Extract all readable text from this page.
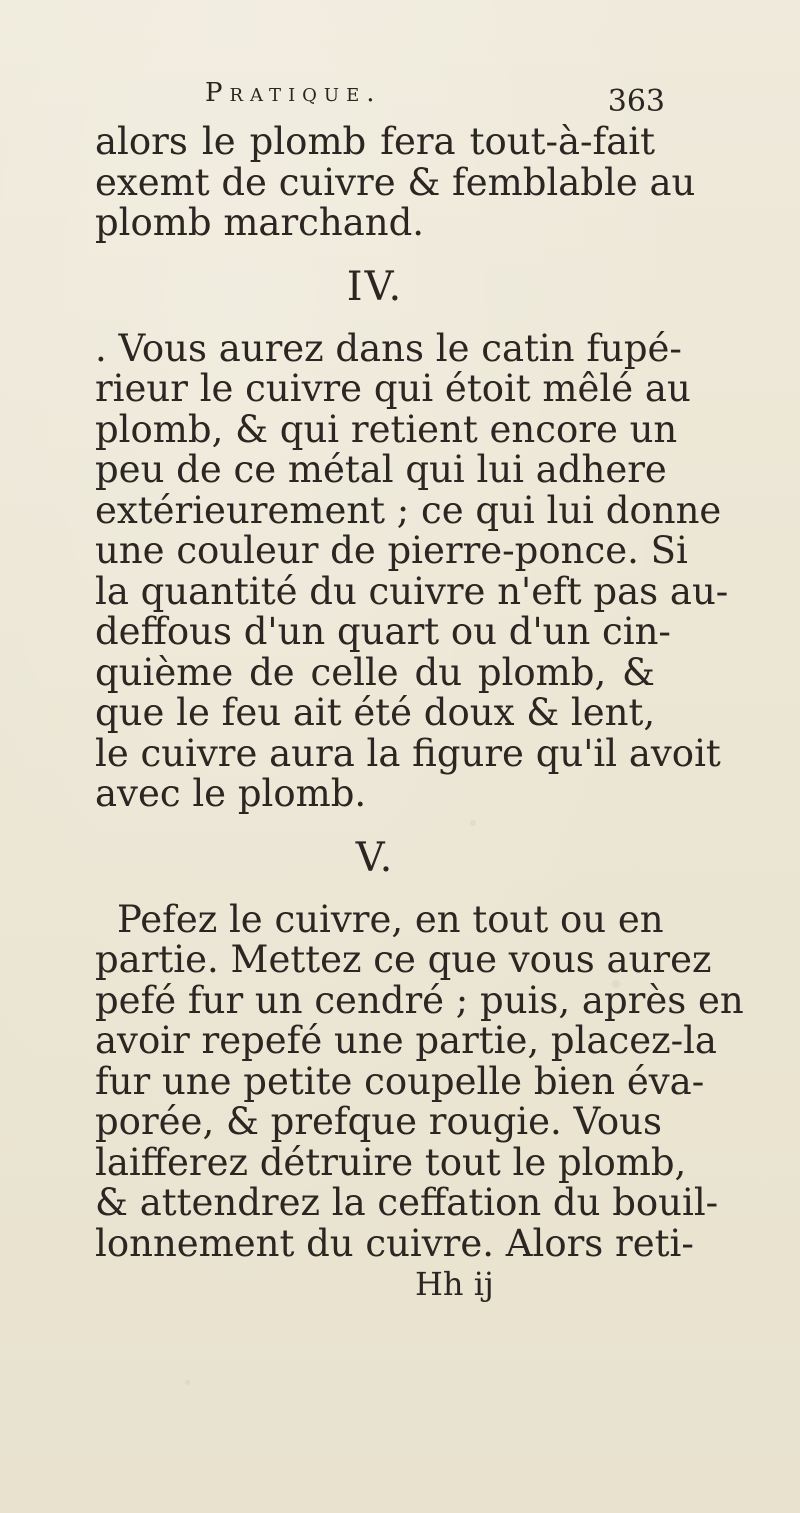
Pratique.	363
alors le plomb fera tout-à-fait
exemt de cuivre & femblable au
plomb marchand.
IV.
. Vous aurez dans le catin fupé-
rieur le cuivre qui étoit mêlé au
plomb, & qui retient encore un
peu de ce métal qui lui adhere
extérieurement ; ce qui lui donne
une couleur de pierre-ponce. Si
la quantité du cuivre n'eft pas au-
deffous d'un quart ou d'un cin-
quième de celle du plomb, &
que le feu ait été doux & lent,
le cuivre aura la figure qu'il avoit
avec le plomb.
V.
Pefez le cuivre, en tout ou en
partie. Mettez ce que vous aurez
pefé fur un cendré ; puis, après en
avoir repefé une partie, placez-la
fur une petite coupelle bien éva-
porée, & prefque rougie. Vous
laifferez détruire tout le plomb,
& attendrez la ceffation du bouil-
lonnement du cuivre. Alors reti-
Hh ij
